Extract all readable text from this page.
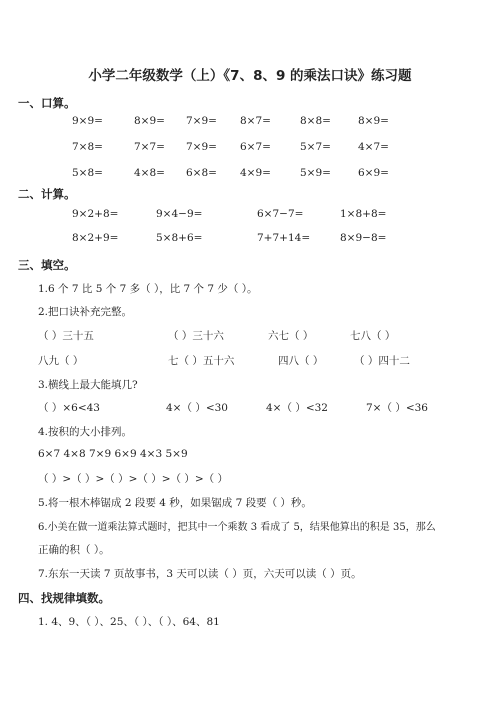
小学二年级数学（上）《7、8、9 的乘法口诀》练习题
一、口算。
9×9=	8×9= 7×9= 8×7=	8×8=	8×9=
7×8=	7×7= 7×9= 6×7=	5×7=	4×7=
5×8=	4×8= 6×8= 4×9=	5×9=	6×9=
二、计算。
9×2+8=	9×4−9=	6×7−7=	1×8+8=
8×2+9=	5×8+6=	7+7+14=	8×9−8=
三、填空。
1.6 个 7 比 5 个 7 多（ ），比 7 个 7 少（ ）。
2.把口诀补充完整。
（ ）三十五	（ ）三十六	六七（ ）	七八（ ）
八九（ ）	七（ ）五十六	四八（ ）	（ ）四十二
3.横线上最大能填几?
（ ）×6<43	4×（ ）<30	4×（ ）<32	7×（ ）<36
4.按积的大小排列。
6×7 4×8 7×9 6×9 4×3 5×9
（ ）>（ ）>（ ）>（ ）>（ ）>（ ）
5.将一根木棒锯成 2 段要 4 秒，如果锯成 7 段要（ ）秒。
6.小美在做一道乘法算式题时，把其中一个乘数 3 看成了 5，结果他算出的积是 35，那么
正确的积（ ）。
7.东东一天读 7 页故事书，3 天可以读（ ）页，六天可以读（ ）页。
四、找规律填数。
1. 4、9、（ ）、25、（ ）、（ ）、64、81
